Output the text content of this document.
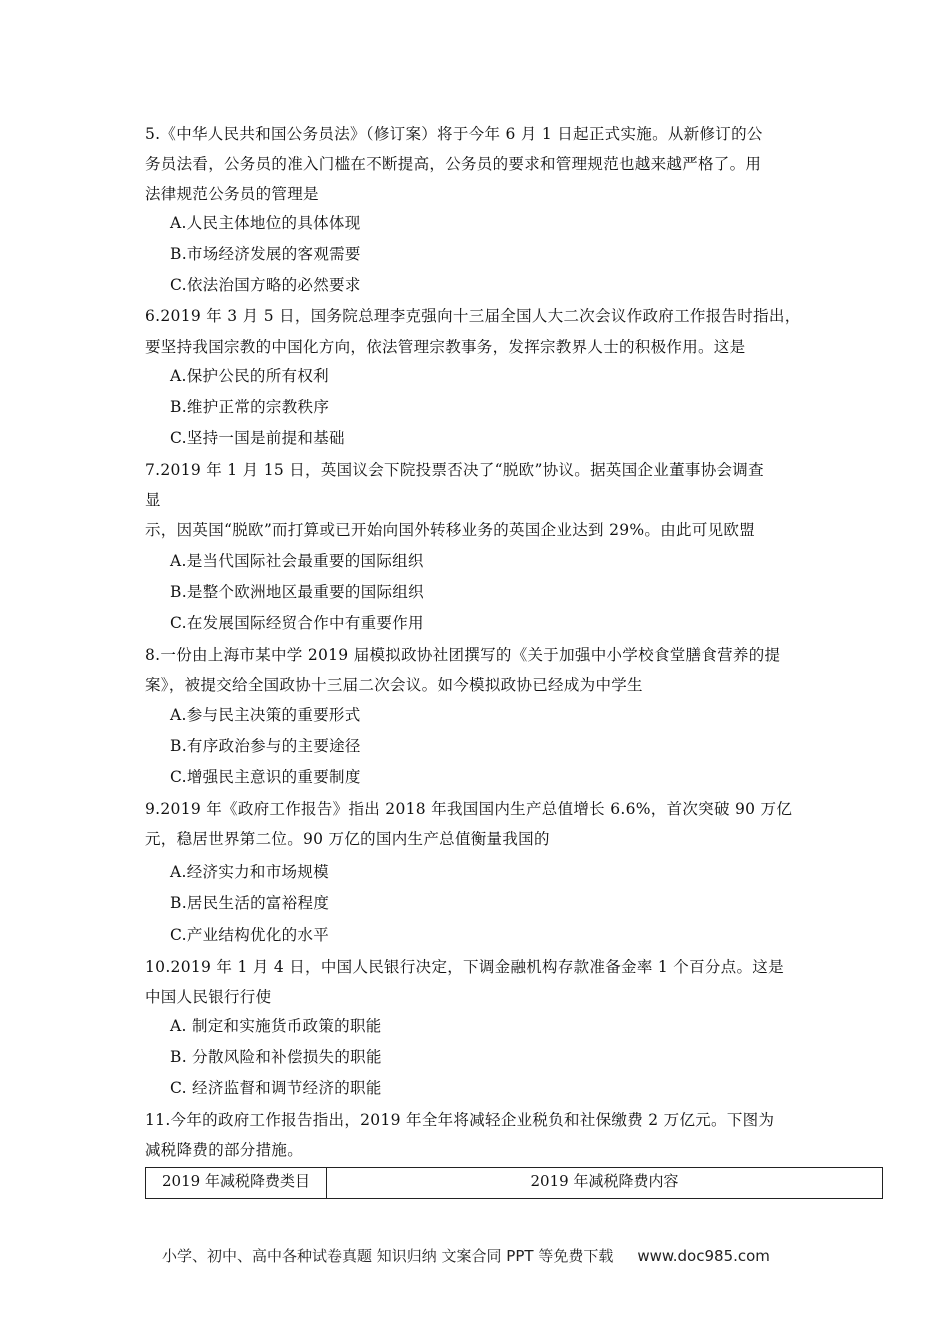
5.《中华人民共和国公务员法》（修订案）将于今年 6 月 1 日起正式实施。从新修订的公
务员法看，公务员的准入门槛在不断提高，公务员的要求和管理规范也越来越严格了。用
法律规范公务员的管理是
A.人民主体地位的具体体现
B.市场经济发展的客观需要
C.依法治国方略的必然要求
6.2019 年 3 月 5 日，国务院总理李克强向十三届全国人大二次会议作政府工作报告时指出，
要坚持我国宗教的中国化方向，依法管理宗教事务，发挥宗教界人士的积极作用。这是
A.保护公民的所有权利
B.维护正常的宗教秩序
C.坚持一国是前提和基础
7.2019 年 1 月 15 日，英国议会下院投票否决了“脱欧”协议。据英国企业董事协会调查
显
示，因英国“脱欧”而打算或已开始向国外转移业务的英国企业达到 29%。由此可见欧盟
A.是当代国际社会最重要的国际组织
B.是整个欧洲地区最重要的国际组织
C.在发展国际经贸合作中有重要作用
8.一份由上海市某中学 2019 届模拟政协社团撰写的《关于加强中小学校食堂膳食营养的提
案》，被提交给全国政协十三届二次会议。如今模拟政协已经成为中学生
A.参与民主决策的重要形式
B.有序政治参与的主要途径
C.增强民主意识的重要制度
9.2019 年《政府工作报告》指出 2018 年我国国内生产总值增长 6.6%，首次突破 90 万亿
元，稳居世界第二位。90 万亿的国内生产总值衡量我国的
A.经济实力和市场规模
B.居民生活的富裕程度
C.产业结构优化的水平
10.2019 年 1 月 4 日，中国人民银行决定，下调金融机构存款准备金率 1 个百分点。这是
中国人民银行行使
A. 制定和实施货币政策的职能
B. 分散风险和补偿损失的职能
C. 经济监督和调节经济的职能
11.今年的政府工作报告指出，2019 年全年将减轻企业税负和社保缴费 2 万亿元。下图为
减税降费的部分措施。
2019 年减税降费类目	2019 年减税降费内容
小学、初中、高中各种试卷真题 知识归纳 文案合同 PPT 等免费下载 www.doc985.com
